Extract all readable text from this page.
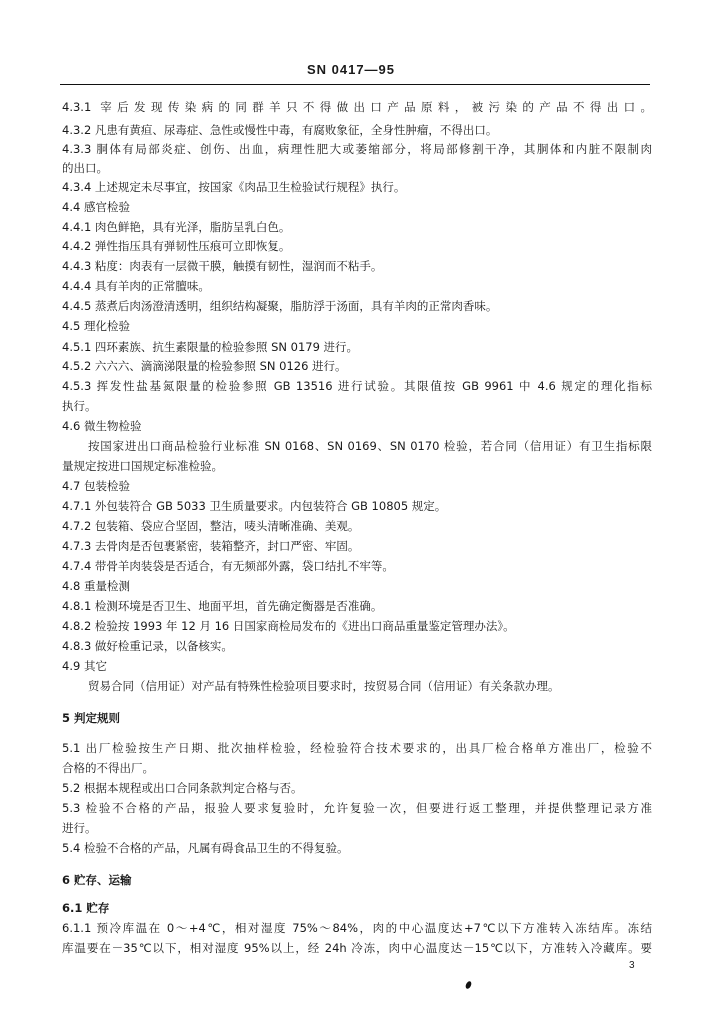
SN 0417—95
4.3.1 宰后发现传染病的同群羊只不得做出口产品原料，被污染的产品不得出口。
4.3.2 凡患有黄疸、尿毒症、急性或慢性中毒，有腐败象征，全身性肿瘤，不得出口。
4.3.3 胴体有局部炎症、创伤、出血，病理性肥大或萎缩部分，将局部修割干净，其胴体和内脏不限制肉
的出口。
4.3.4 上述规定未尽事宜，按国家《肉品卫生检验试行规程》执行。
4.4 感官检验
4.4.1 肉色鲜艳，具有光泽，脂肪呈乳白色。
4.4.2 弹性指压具有弹韧性压痕可立即恢复。
4.4.3 粘度：肉表有一层微干膜，触摸有韧性，湿润而不粘手。
4.4.4 具有羊肉的正常膻味。
4.4.5 蒸煮后肉汤澄清透明，组织结构凝聚，脂肪浮于汤面，具有羊肉的正常肉香味。
4.5 理化检验
4.5.1 四环素族、抗生素限量的检验参照 SN 0179 进行。
4.5.2 六六六、滴滴涕限量的检验参照 SN 0126 进行。
4.5.3 挥发性盐基氮限量的检验参照 GB 13516 进行试验。其限值按 GB 9961 中 4.6 规定的理化指标
执行。
4.6 微生物检验
按国家进出口商品检验行业标准 SN 0168、SN 0169、SN 0170 检验，若合同（信用证）有卫生指标限
量规定按进口国规定标准检验。
4.7 包装检验
4.7.1 外包装符合 GB 5033 卫生质量要求。内包装符合 GB 10805 规定。
4.7.2 包装箱、袋应合坚固，整洁，唛头清晰准确、美观。
4.7.3 去骨肉是否包裹紧密，装箱整齐，封口严密、牢固。
4.7.4 带骨羊肉装袋是否适合，有无频部外露，袋口结扎不牢等。
4.8 重量检测
4.8.1 检测环境是否卫生、地面平坦，首先确定衡器是否准确。
4.8.2 检验按 1993 年 12 月 16 日国家商检局发布的《进出口商品重量鉴定管理办法》。
4.8.3 做好检重记录，以备核实。
4.9 其它
贸易合同（信用证）对产品有特殊性检验项目要求时，按贸易合同（信用证）有关条款办理。
5 判定规则
5.1 出厂检验按生产日期、批次抽样检验，经检验符合技术要求的，出具厂检合格单方准出厂，检验不
合格的不得出厂。
5.2 根据本规程或出口合同条款判定合格与否。
5.3 检验不合格的产品，报验人要求复验时，允许复验一次，但要进行返工整理，并提供整理记录方准
进行。
5.4 检验不合格的产品，凡属有碍食品卫生的不得复验。
6 贮存、运输
6.1 贮存
6.1.1 预冷库温在 0～+4℃，相对湿度 75%～84%，肉的中心温度达+7℃以下方准转入冻结库。冻结
库温要在－35℃以下，相对湿度 95%以上，经 24h 冷冻，肉中心温度达－15℃以下，方准转入冷藏库。要
3
